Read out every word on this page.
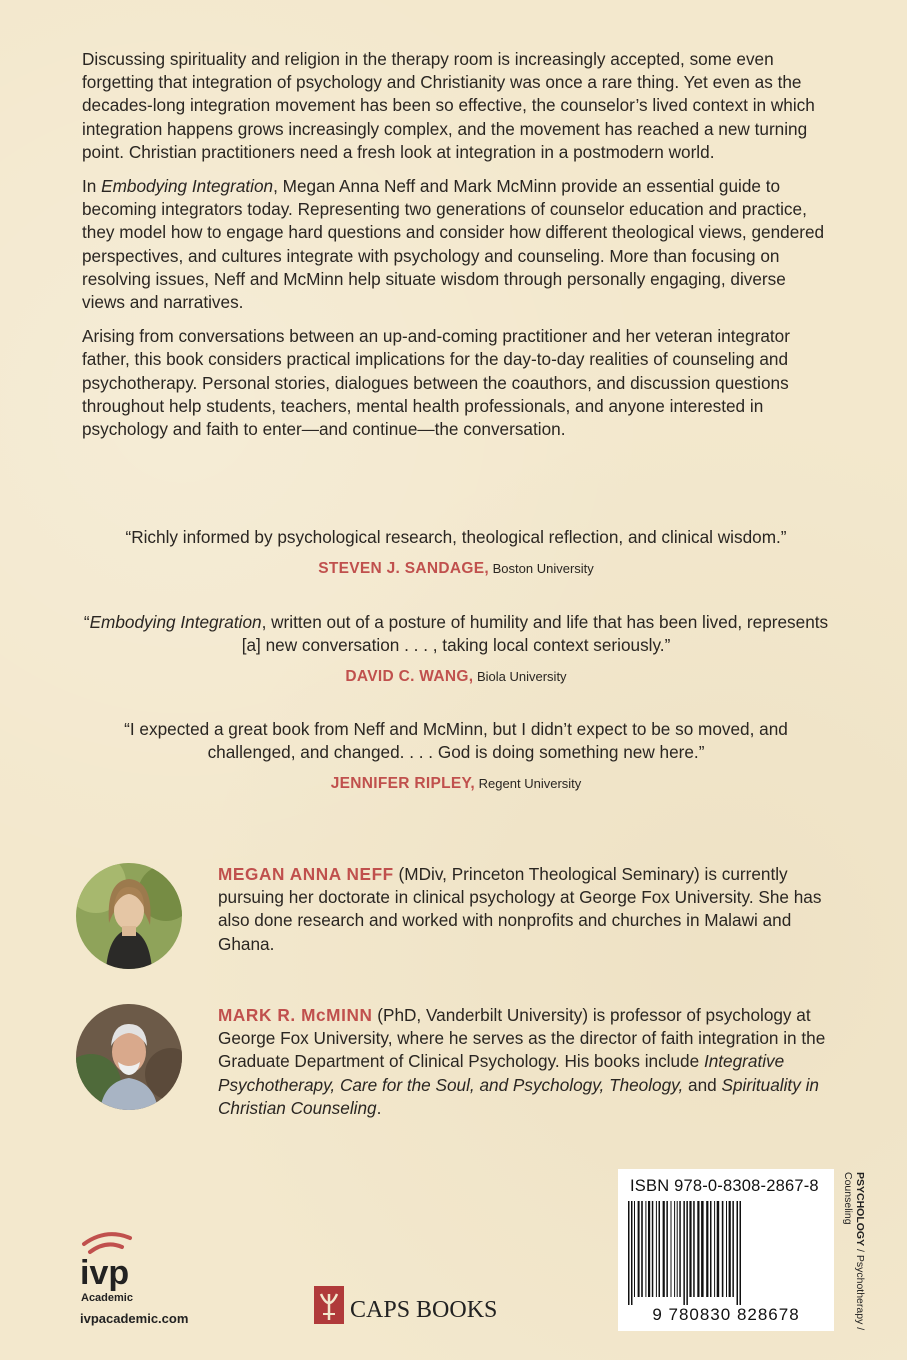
Discussing spirituality and religion in the therapy room is increasingly accepted, some even forgetting that integration of psychology and Christianity was once a rare thing. Yet even as the decades-long integration movement has been so effective, the counselor’s lived context in which integration happens grows increasingly complex, and the movement has reached a new turning point. Christian practitioners need a fresh look at integration in a postmodern world.

In Embodying Integration, Megan Anna Neff and Mark McMinn provide an essential guide to becoming integrators today. Representing two generations of counselor education and practice, they model how to engage hard questions and consider how different theological views, gendered perspectives, and cultures integrate with psychology and counseling. More than focusing on resolving issues, Neff and McMinn help situate wisdom through personally engaging, diverse views and narratives.

Arising from conversations between an up-and-coming practitioner and her veteran integrator father, this book considers practical implications for the day-to-day realities of counseling and psychotherapy. Personal stories, dialogues between the coauthors, and discussion questions throughout help students, teachers, mental health professionals, and anyone interested in psychology and faith to enter—and continue—the conversation.

“Richly informed by psychological research, theological reflection, and clinical wisdom.”
STEVEN J. SANDAGE, Boston University
“Embodying Integration, written out of a posture of humility and life that has been lived, represents [a] new conversation . . . , taking local context seriously.”
DAVID C. WANG, Biola University
“I expected a great book from Neff and McMinn, but I didn’t expect to be so moved, and challenged, and changed. . . . God is doing something new here.”
JENNIFER RIPLEY, Regent University
MEGAN ANNA NEFF (MDiv, Princeton Theological Seminary) is currently pursuing her doctorate in clinical psychology at George Fox University. She has also done research and worked with nonprofits and churches in Malawi and Ghana.
MARK R. McMINN (PhD, Vanderbilt University) is professor of psychology at George Fox University, where he serves as the director of faith integration in the Graduate Department of Clinical Psychology. His books include Integrative Psychotherapy, Care for the Soul, and Psychology, Theology, and Spirituality in Christian Counseling.
ivp
Academic
ivpacademic.com	CAPS BOOKS
ISBN 978-0-8308-2867-8
9 780830 828678
PSYCHOLOGY / Psychotherapy / Counseling
